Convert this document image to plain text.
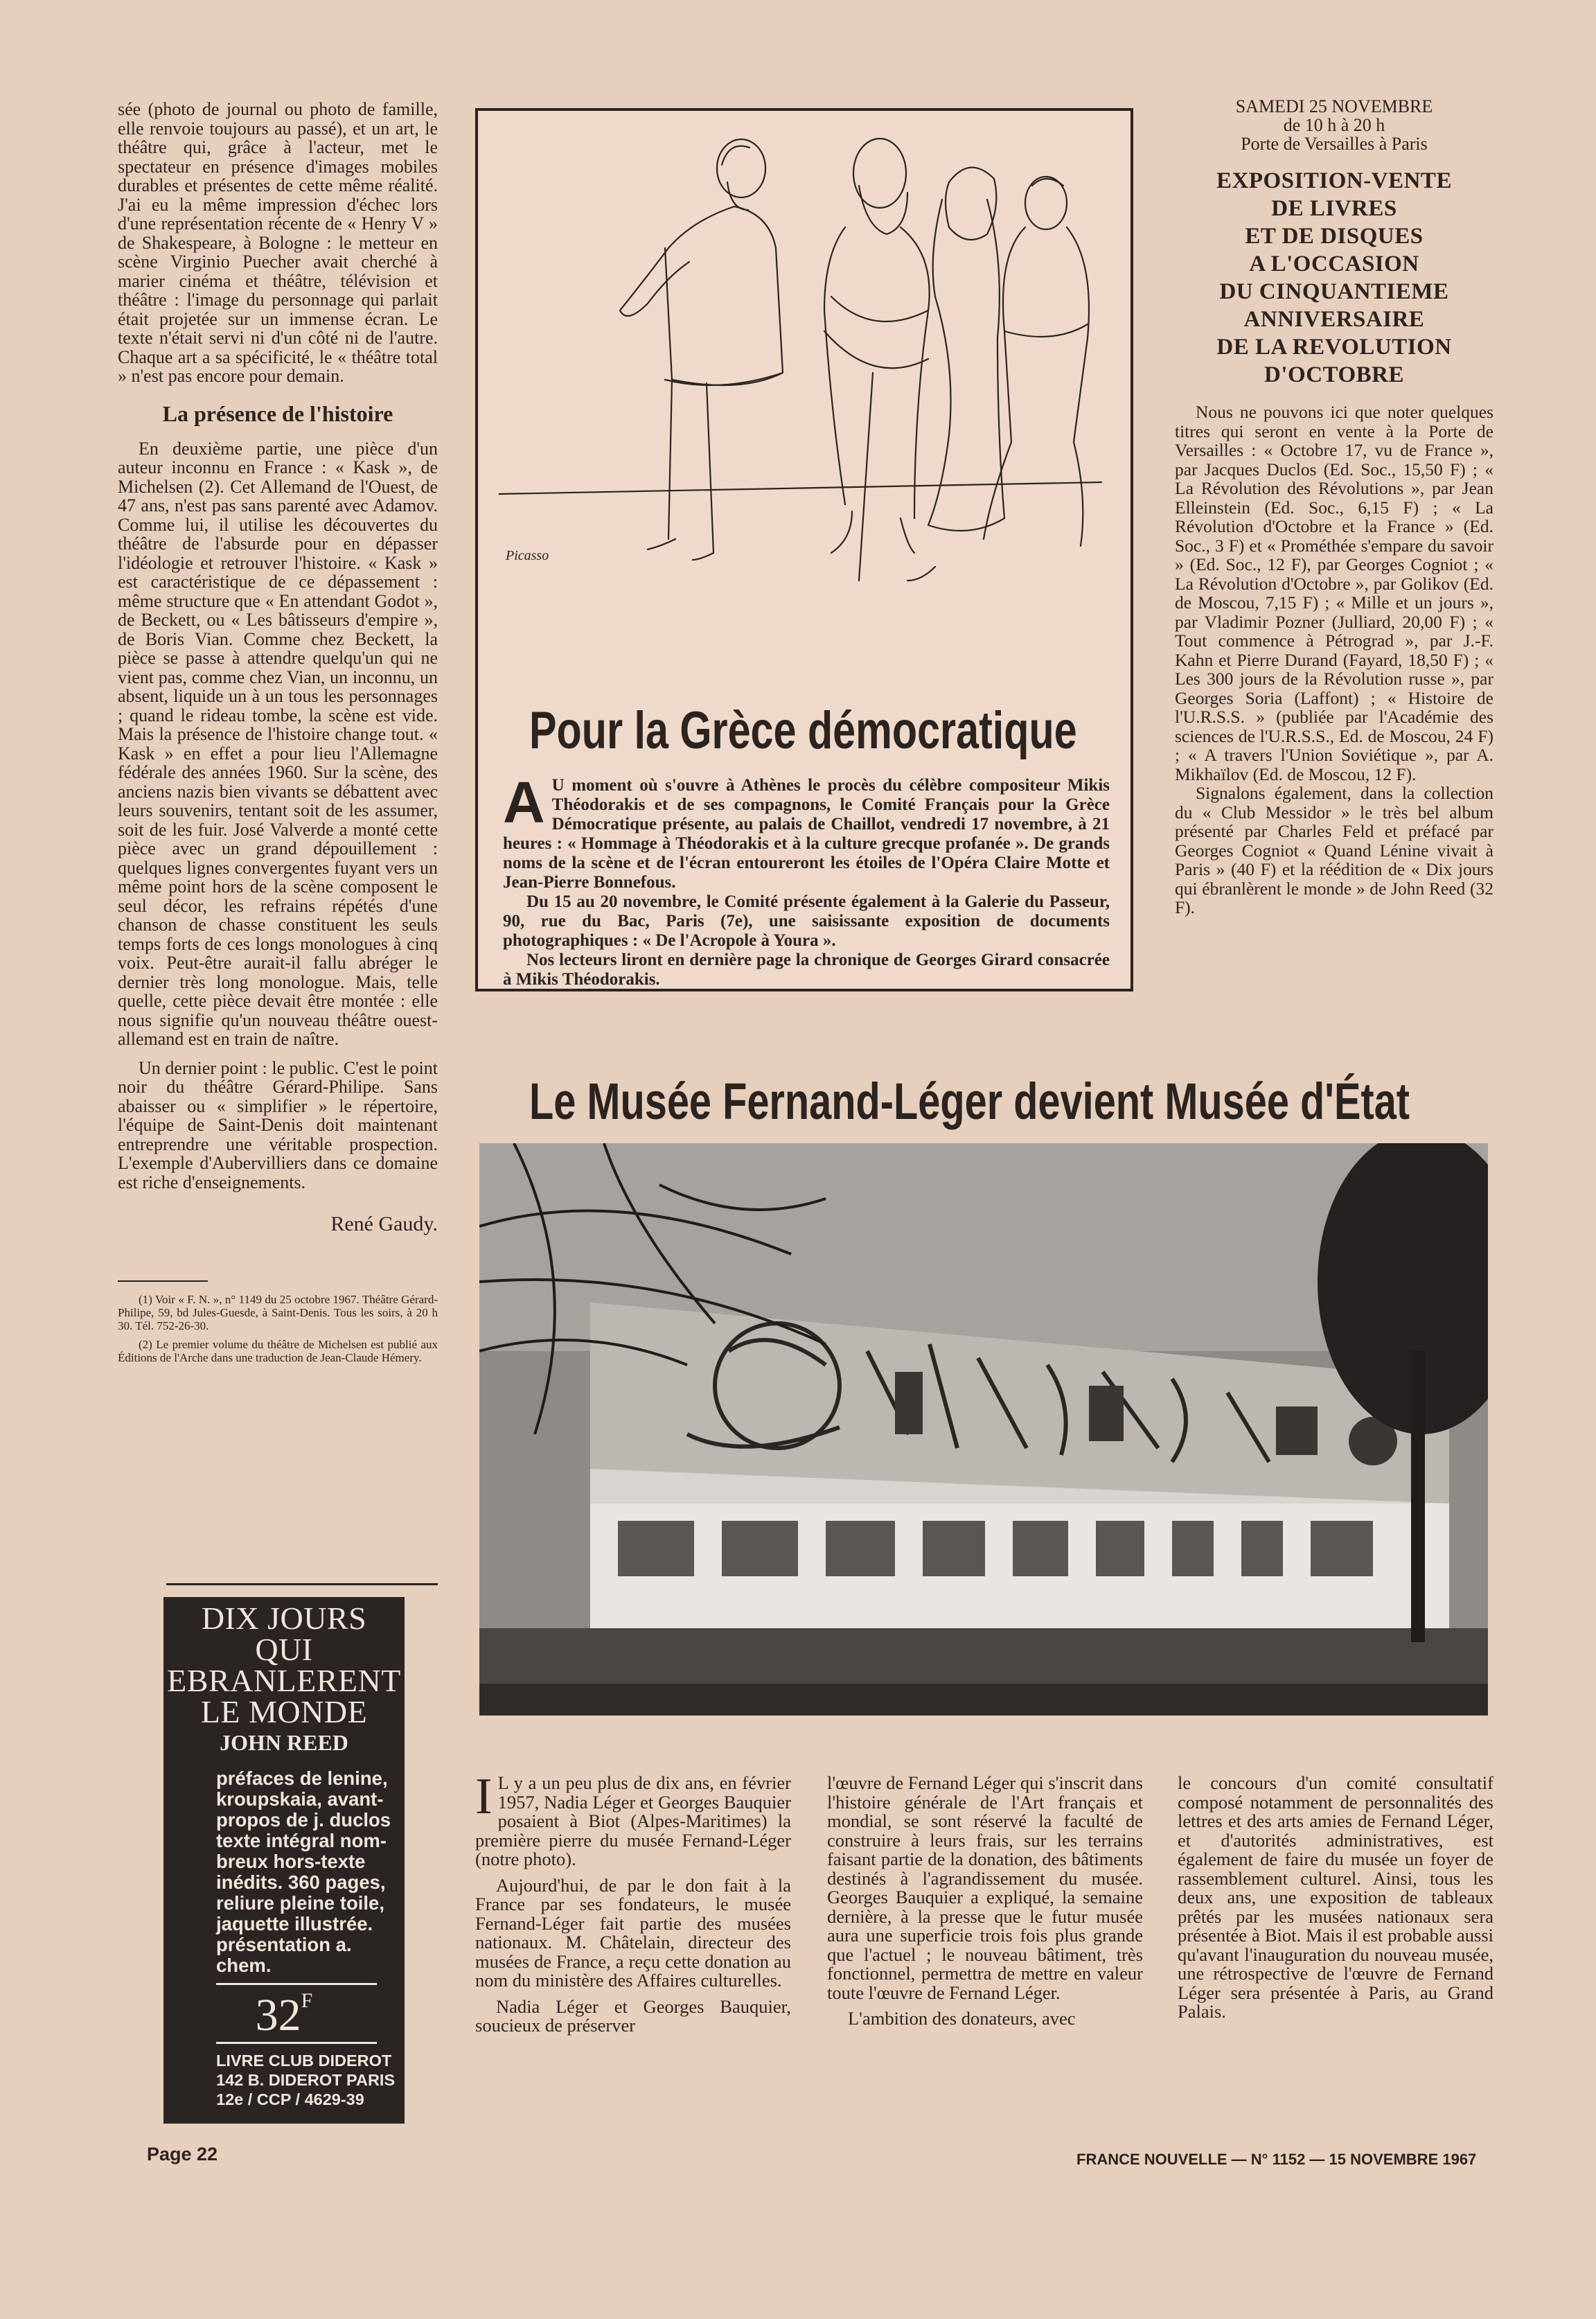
sée (photo de journal ou photo de famille, elle renvoie toujours au passé), et un art, le théâtre qui, grâce à l'acteur, met le spectateur en présence d'images mobiles durables et présentes de cette même réalité. J'ai eu la même impression d'échec lors d'une représentation récente de « Henry V » de Shakespeare, à Bologne : le metteur en scène Virginio Puecher avait cherché à marier cinéma et théâtre, télévision et théâtre : l'image du personnage qui parlait était projetée sur un immense écran. Le texte n'était servi ni d'un côté ni de l'autre. Chaque art a sa spécificité, le « théâtre total » n'est pas encore pour demain.

La présence de l'histoire

En deuxième partie, une pièce d'un auteur inconnu en France : « Kask », de Michelsen (2). Cet Allemand de l'Ouest, de 47 ans, n'est pas sans parenté avec Adamov. Comme lui, il utilise les découvertes du théâtre de l'absurde pour en dépasser l'idéologie et retrouver l'histoire. « Kask » est caractéristique de ce dépassement : même structure que « En attendant Godot », de Beckett, ou « Les bâtisseurs d'empire », de Boris Vian. Comme chez Beckett, la pièce se passe à attendre quelqu'un qui ne vient pas, comme chez Vian, un inconnu, un absent, liquide un à un tous les personnages ; quand le rideau tombe, la scène est vide. Mais la présence de l'histoire change tout. « Kask » en effet a pour lieu l'Allemagne fédérale des années 1960. Sur la scène, des anciens nazis bien vivants se débattent avec leurs souvenirs, tentant soit de les assumer, soit de les fuir. José Valverde a monté cette pièce avec un grand dépouillement : quelques lignes convergentes fuyant vers un même point hors de la scène composent le seul décor, les refrains répétés d'une chanson de chasse constituent les seuls temps forts de ces longs monologues à cinq voix. Peut-être aurait-il fallu abréger le dernier très long monologue. Mais, telle quelle, cette pièce devait être montée : elle nous signifie qu'un nouveau théâtre ouest-allemand est en train de naître.

Un dernier point : le public. C'est le point noir du théâtre Gérard-Philipe. Sans abaisser ou « simplifier » le répertoire, l'équipe de Saint-Denis doit maintenant entreprendre une véritable prospection. L'exemple d'Aubervilliers dans ce domaine est riche d'enseignements.

René Gaudy.

(1) Voir « F. N. », n° 1149 du 25 octobre 1967. Théâtre Gérard-Philipe, 59, bd Jules-Guesde, à Saint-Denis. Tous les soirs, à 20 h 30. Tél. 752-26-30.

(2) Le premier volume du théâtre de Michelsen est publié aux Éditions de l'Arche dans une traduction de Jean-Claude Hémery.

DIX JOURS
QUI
EBRANLERENT
LE MONDE
JOHN REED
préfaces de lenine,
kroupskaia, avant-
propos de j. duclos
texte intégral nom-
breux hors-texte
inédits. 360 pages,
reliure pleine toile,
jaquette illustrée.
présentation a.
chem.
$32^F$
LIVRE CLUB DIDEROT
142 B. DIDEROT PARIS
12e / CCP / 4629-39
Picasso
Pour la Grèce démocratique

A U moment où s'ouvre à Athènes le procès du célèbre compositeur Mikis Théodorakis et de ses compagnons, le Comité Français pour la Grèce Démocratique présente, au palais de Chaillot, vendredi 17 novembre, à 21 heures : « Hommage à Théodorakis et à la culture grecque profanée ». De grands noms de la scène et de l'écran entoureront les étoiles de l'Opéra Claire Motte et Jean-Pierre Bonnefous.

Du 15 au 20 novembre, le Comité présente également à la Galerie du Passeur, 90, rue du Bac, Paris (7e), une saisissante exposition de documents photographiques : « De l'Acropole à Youra ».

Nos lecteurs liront en dernière page la chronique de Georges Girard consacrée à Mikis Théodorakis.

SAMEDI 25 NOVEMBRE
de 10 h à 20 h
Porte de Versailles à Paris
EXPOSITION-VENTE
DE LIVRES
ET DE DISQUES
A L'OCCASION
DU CINQUANTIEME
ANNIVERSAIRE
DE LA REVOLUTION
D'OCTOBRE

Nous ne pouvons ici que noter quelques titres qui seront en vente à la Porte de Versailles : « Octobre 17, vu de France », par Jacques Duclos (Ed. Soc., 15,50 F) ; « La Révolution des Révolutions », par Jean Elleinstein (Ed. Soc., 6,15 F) ; « La Révolution d'Octobre et la France » (Ed. Soc., 3 F) et « Prométhée s'empare du savoir » (Ed. Soc., 12 F), par Georges Cogniot ; « La Révolution d'Octobre », par Golikov (Ed. de Moscou, 7,15 F) ; « Mille et un jours », par Vladimir Pozner (Julliard, 20,00 F) ; « Tout commence à Pétrograd », par J.-F. Kahn et Pierre Durand (Fayard, 18,50 F) ; « Les 300 jours de la Révolution russe », par Georges Soria (Laffont) ; « Histoire de l'U.R.S.S. » (publiée par l'Académie des sciences de l'U.R.S.S., Ed. de Moscou, 24 F) ; « A travers l'Union Soviétique », par A. Mikhaïlov (Ed. de Moscou, 12 F).

Signalons également, dans la collection du « Club Messidor » le très bel album présenté par Charles Feld et préfacé par Georges Cogniot « Quand Lénine vivait à Paris » (40 F) et la réédition de « Dix jours qui ébranlèrent le monde » de John Reed (32 F).

Le Musée Fernand-Léger devient Musée d'État

I L y a un peu plus de dix ans, en février 1957, Nadia Léger et Georges Bauquier posaient à Biot (Alpes-Maritimes) la première pierre du musée Fernand-Léger (notre photo).

Aujourd'hui, de par le don fait à la France par ses fondateurs, le musée Fernand-Léger fait partie des musées nationaux. M. Châtelain, directeur des musées de France, a reçu cette donation au nom du ministère des Affaires culturelles.

Nadia Léger et Georges Bauquier, soucieux de préserver

l'œuvre de Fernand Léger qui s'inscrit dans l'histoire générale de l'Art français et mondial, se sont réservé la faculté de construire à leurs frais, sur les terrains faisant partie de la donation, des bâtiments destinés à l'agrandissement du musée. Georges Bauquier a expliqué, la semaine dernière, à la presse que le futur musée aura une superficie trois fois plus grande que l'actuel ; le nouveau bâtiment, très fonctionnel, permettra de mettre en valeur toute l'œuvre de Fernand Léger.

L'ambition des donateurs, avec

le concours d'un comité consultatif composé notamment de personnalités des lettres et des arts amies de Fernand Léger, et d'autorités administratives, est également de faire du musée un foyer de rassemblement culturel. Ainsi, tous les deux ans, une exposition de tableaux prêtés par les musées nationaux sera présentée à Biot. Mais il est probable aussi qu'avant l'inauguration du nouveau musée, une rétrospective de l'œuvre de Fernand Léger sera présentée à Paris, au Grand Palais.

Page 22	FRANCE NOUVELLE — N° 1152 — 15 NOVEMBRE 1967
